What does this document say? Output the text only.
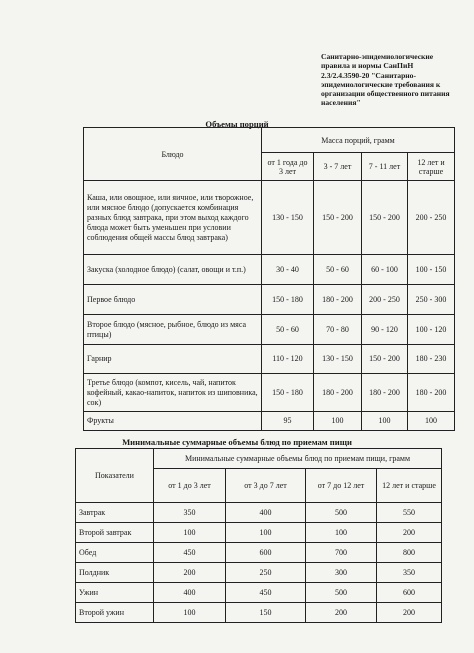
Санитарно-эпидемиологические
правила и нормы СанПиН
2.3/2.4.3590-20 "Санитарно-
эпидемиологические требования к
организации общественного питания
населения"
Объемы порций
Блюдо	Масса порций, грамм			
	от 1 года до 3 лет	3 - 7 лет	7 - 11 лет	12 лет и старше
Каша, или овощное, или яичное, или творожное, или мясное блюдо (допускается комбинация разных блюд завтрака, при этом выход каждого блюда может быть уменьшен при условии соблюдения общей массы блюд завтрака)	130 - 150	150 - 200	150 - 200	200 - 250
Закуска (холодное блюдо) (салат, овощи и т.п.)	30 - 40	50 - 60	60 - 100	100 - 150
Первое блюдо	150 - 180	180 - 200	200 - 250	250 - 300
Второе блюдо (мясное, рыбное, блюдо из мяса птицы)	50 - 60	70 - 80	90 - 120	100 - 120
Гарнир	110 - 120	130 - 150	150 - 200	180 - 230
Третье блюдо (компот, кисель, чай, напиток кофейный, какао-напиток, напиток из шиповника, сок)	150 - 180	180 - 200	180 - 200	180 - 200
Фрукты	95	100	100	100
Минимальные суммарные объемы блюд по приемам пищи
Показатели	Минимальные суммарные объемы блюд по приемам пищи, грамм			
	от 1 до 3 лет	от 3 до 7 лет	от 7 до 12 лет	12 лет и старше
Завтрак	350	400	500	550
Второй завтрак	100	100	100	200
Обед	450	600	700	800
Полдник	200	250	300	350
Ужин	400	450	500	600
Второй ужин	100	150	200	200
